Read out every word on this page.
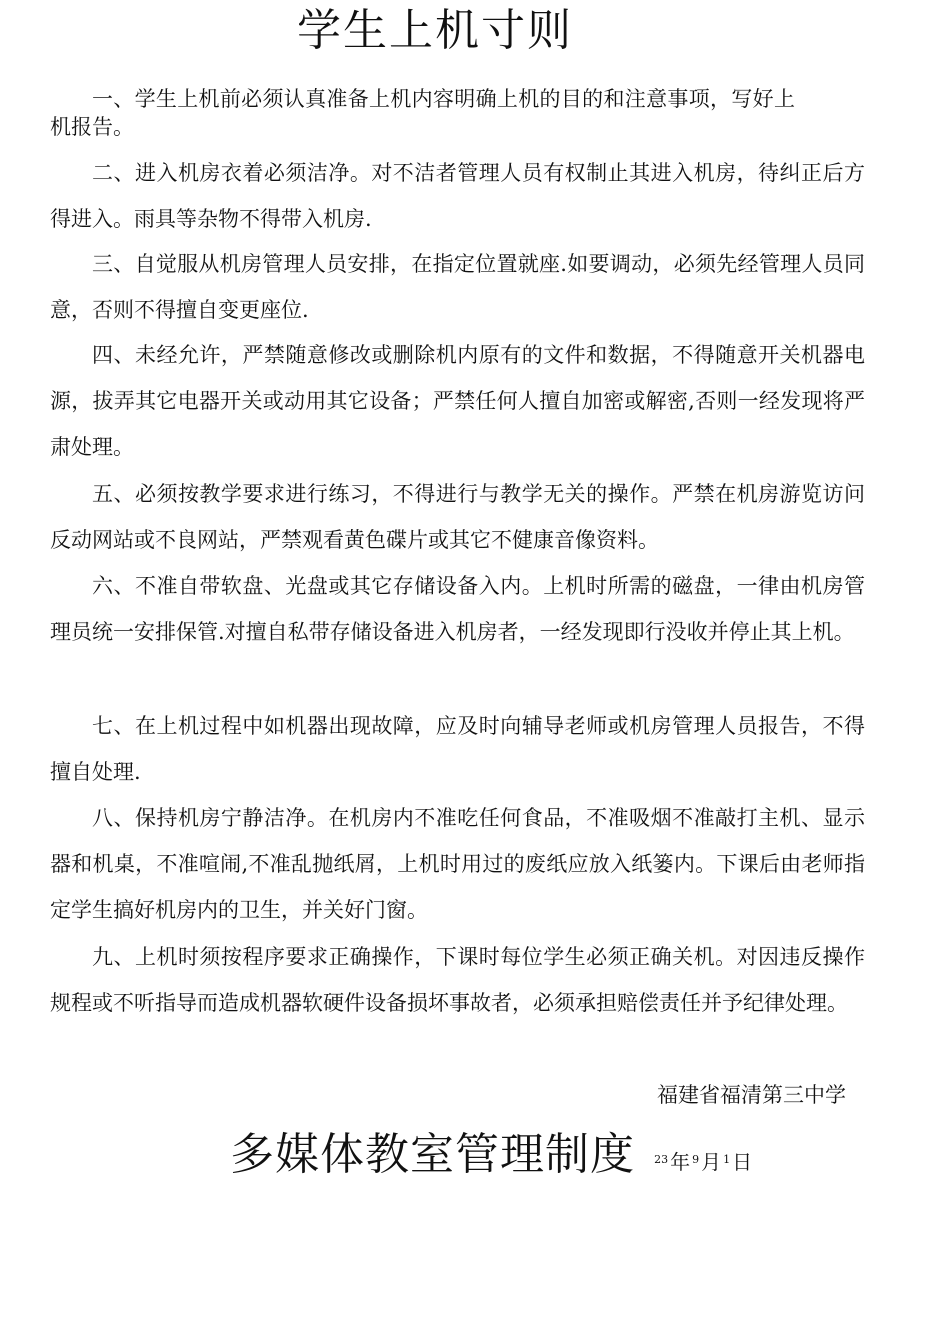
学生上机寸则

一、学生上机前必须认真准备上机内容明确上机的目的和注意事项，写好上机报告。

二、进入机房衣着必须洁净。对不洁者管理人员有权制止其进入机房，待纠正后方得进入。雨具等杂物不得带入机房.

三、自觉服从机房管理人员安排，在指定位置就座.如要调动，必须先经管理人员同意，否则不得擅自变更座位.

四、未经允许，严禁随意修改或删除机内原有的文件和数据，不得随意开关机器电源，拔弄其它电器开关或动用其它设备；严禁任何人擅自加密或解密,否则一经发现将严肃处理。

五、必须按教学要求进行练习，不得进行与教学无关的操作。严禁在机房游览访问反动网站或不良网站，严禁观看黄色碟片或其它不健康音像资料。

六、不准自带软盘、光盘或其它存储设备入内。上机时所需的磁盘，一律由机房管理员统一安排保管.对擅自私带存储设备进入机房者，一经发现即行没收并停止其上机。

七、在上机过程中如机器出现故障，应及时向辅导老师或机房管理人员报告，不得擅自处理.

八、保持机房宁静洁净。在机房内不准吃任何食品，不准吸烟不准敲打主机、显示器和机桌，不准喧闹,不准乱抛纸屑，上机时用过的废纸应放入纸篓内。下课后由老师指定学生搞好机房内的卫生，并关好门窗。

九、上机时须按程序要求正确操作，下课时每位学生必须正确关机。对因违反操作规程或不听指导而造成机器软硬件设备损坏事故者，必须承担赔偿责任并予纪律处理。

福建省福清第三中学

多媒体教室管理制度 $^{23}$ 年 $^9$ 月 $^1$ 日
